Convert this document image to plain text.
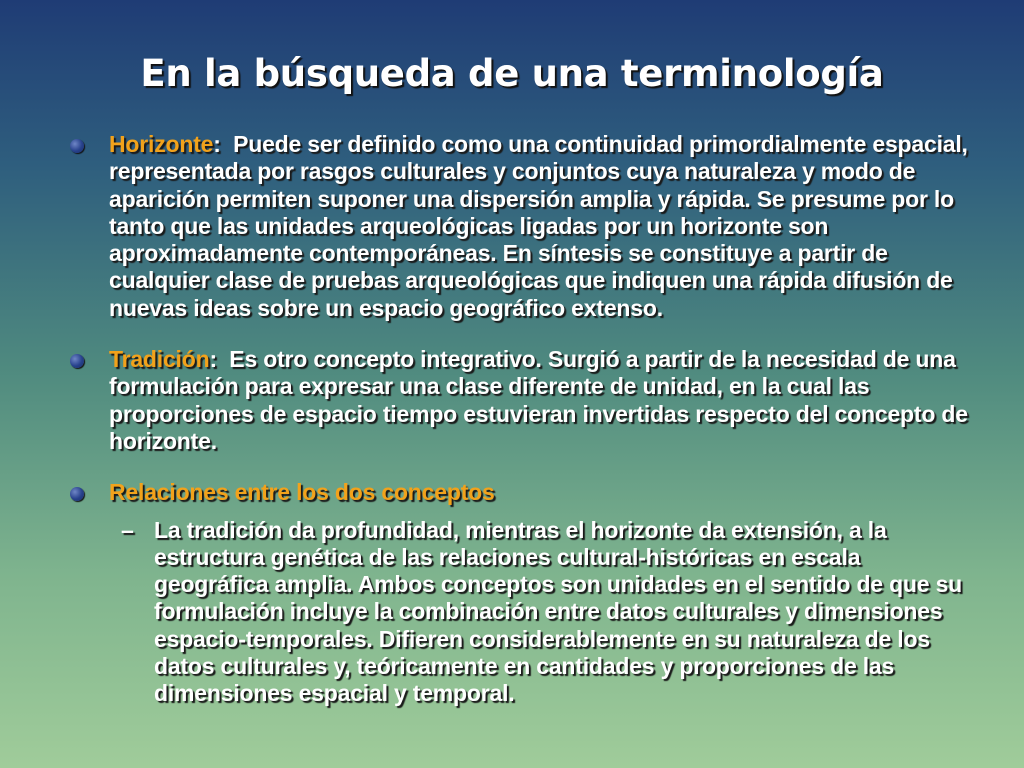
En la búsqueda de una terminología
Horizonte:  Puede ser definido como una continuidad primordialmente espacial, representada por rasgos culturales y conjuntos cuya naturaleza y modo de aparición permiten suponer una dispersión amplia y rápida. Se presume por lo tanto que las unidades arqueológicas ligadas por un horizonte son aproximadamente contemporáneas. En síntesis se constituye a partir de cualquier clase de pruebas arqueológicas que indiquen una rápida difusión de nuevas ideas sobre un espacio geográfico extenso.
Tradición:  Es otro concepto integrativo. Surgió a partir de la necesidad de una formulación para expresar una clase diferente de unidad, en la cual las proporciones de espacio tiempo estuvieran invertidas respecto del concepto de horizonte.
Relaciones entre los dos conceptos
– La tradición da profundidad, mientras el horizonte da extensión, a la estructura genética de las relaciones cultural-históricas en escala geográfica amplia. Ambos conceptos son unidades en el sentido de que su formulación incluye la combinación entre datos culturales y dimensiones espacio-temporales. Difieren considerablemente en su naturaleza de los datos culturales y, teóricamente en cantidades y proporciones de las dimensiones espacial y temporal.
